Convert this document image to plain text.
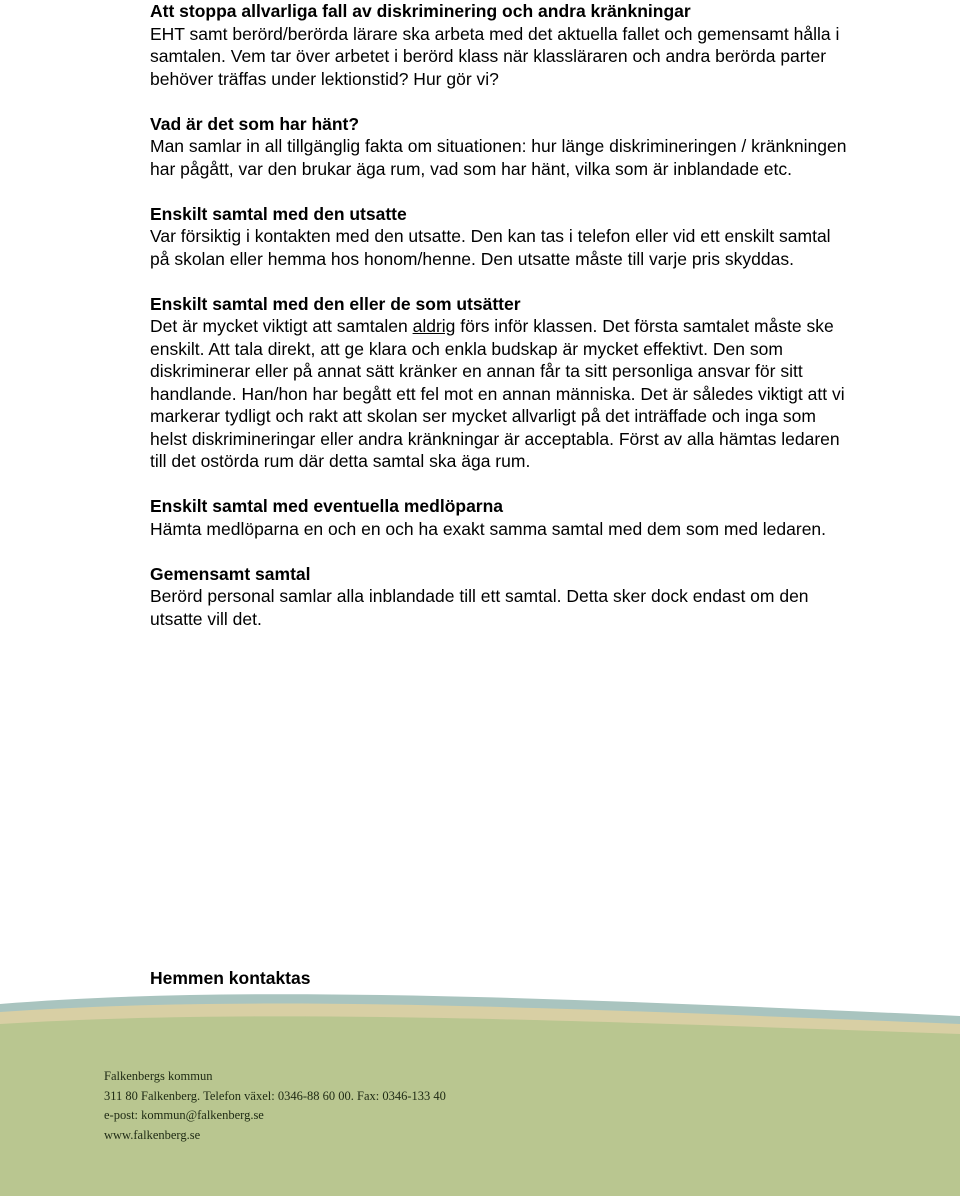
Att stoppa allvarliga fall av diskriminering och andra kränkningar

EHT samt berörd/berörda lärare ska arbeta med det aktuella fallet och gemensamt hålla i samtalen. Vem tar över arbetet i berörd klass när klassläraren och andra berörda parter behöver träffas under lektionstid? Hur gör vi?

Vad är det som har hänt?

Man samlar in all tillgänglig fakta om situationen: hur länge diskrimineringen / kränkningen har pågått, var den brukar äga rum, vad som har hänt, vilka som är inblandade etc.

Enskilt samtal med den utsatte

Var försiktig i kontakten med den utsatte. Den kan tas i telefon eller vid ett enskilt samtal på skolan eller hemma hos honom/henne. Den utsatte måste till varje pris skyddas.

Enskilt samtal med den eller de som utsätter

Det är mycket viktigt att samtalen aldrig förs inför klassen. Det första samtalet måste ske enskilt. Att tala direkt, att ge klara och enkla budskap är mycket effektivt. Den som diskriminerar eller på annat sätt kränker en annan får ta sitt personliga ansvar för sitt handlande. Han/hon har begått ett fel mot en annan människa. Det är således viktigt att vi markerar tydligt och rakt att skolan ser mycket allvarligt på det inträffade och inga som helst diskrimineringar eller andra kränkningar är acceptabla. Först av alla hämtas ledaren till det ostörda rum där detta samtal ska äga rum.

Enskilt samtal med eventuella medlöparna

Hämta medlöparna en och en och ha exakt samma samtal med dem som med ledaren.

Gemensamt samtal

Berörd personal samlar alla inblandade till ett samtal. Detta sker dock endast om den utsatte vill det.

Hemmen kontaktas
Falkenbergs kommun
311 80 Falkenberg. Telefon växel: 0346-88 60 00. Fax: 0346-133 40
e-post: kommun@falkenberg.se
www.falkenberg.se
